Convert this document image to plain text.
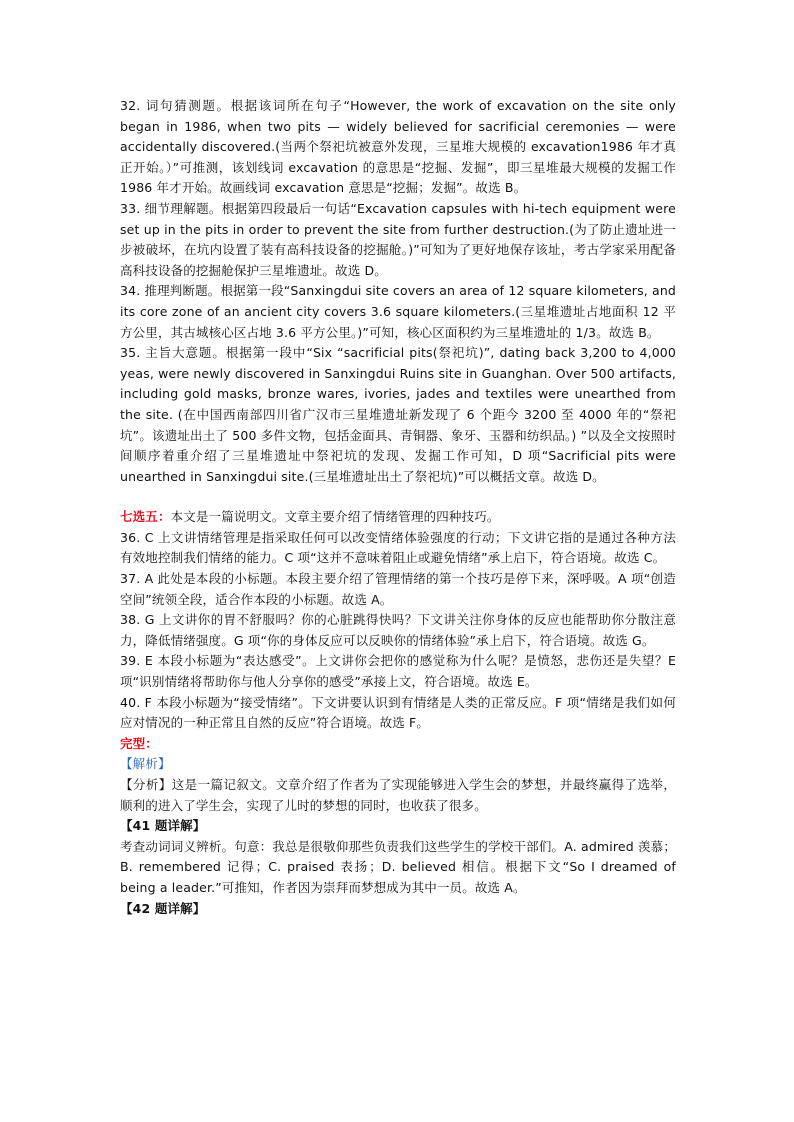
32. 词句猜测题。根据该词所在句子“However, the work of excavation on the site only began in 1986, when two pits — widely believed for sacrificial ceremonies — were accidentally discovered.(当两个祭祀坑被意外发现，三星堆大规模的 excavation1986 年才真正开始。）”可推测，该划线词 excavation 的意思是“挖掘、发掘”，即三星堆最大规模的发掘工作 1986 年才开始。故画线词 excavation 意思是“挖掘；发掘”。故选 B。

33. 细节理解题。根据第四段最后一句话“Excavation capsules with hi-tech equipment were set up in the pits in order to prevent the site from further destruction.(为了防止遗址进一步被破坏，在坑内设置了装有高科技设备的挖掘舱。)”可知为了更好地保存该址，考古学家采用配备高科技设备的挖掘舱保护三星堆遗址。故选 D。

34. 推理判断题。根据第一段“Sanxingdui site covers an area of 12 square kilometers, and its core zone of an ancient city covers 3.6 square kilometers.(三星堆遗址占地面积 12 平方公里，其古城核心区占地 3.6 平方公里。)”可知，核心区面积约为三星堆遗址的 1/3。故选 B。

35. 主旨大意题。根据第一段中“Six “sacrificial pits(祭祀坑)”, dating back 3,200 to 4,000 yeas, were newly discovered in Sanxingdui Ruins site in Guanghan. Over 500 artifacts, including gold masks, bronze wares, ivories, jades and textiles were unearthed from the site. (在中国西南部四川省广汉市三星堆遗址新发现了 6 个距今 3200 至 4000 年的“祭祀坑”。该遗址出土了 500 多件文物，包括金面具、青铜器、象牙、玉器和纺织品。) ”以及全文按照时间顺序着重介绍了三星堆遗址中祭祀坑的发现、发掘工作可知，D 项“Sacrificial pits were unearthed in Sanxingdui site.(三星堆遗址出土了祭祀坑)”可以概括文章。故选 D。

七选五：本文是一篇说明文。文章主要介绍了情绪管理的四种技巧。

36. C 上文讲情绪管理是指采取任何可以改变情绪体验强度的行动；下文讲它指的是通过各种方法有效地控制我们情绪的能力。C 项“这并不意味着阻止或避免情绪”承上启下，符合语境。故选 C。

37. A 此处是本段的小标题。本段主要介绍了管理情绪的第一个技巧是停下来，深呼吸。A 项“创造空间”统领全段，适合作本段的小标题。故选 A。

38. G 上文讲你的胃不舒服吗？你的心脏跳得快吗？下文讲关注你身体的反应也能帮助你分散注意力，降低情绪强度。G 项“你的身体反应可以反映你的情绪体验”承上启下，符合语境。故选 G。

39. E 本段小标题为“表达感受”。上文讲你会把你的感觉称为什么呢？是愤怒，悲伤还是失望？E 项“识别情绪将帮助你与他人分享你的感受”承接上文，符合语境。故选 E。

40. F 本段小标题为“接受情绪”。下文讲要认识到有情绪是人类的正常反应。F 项“情绪是我们如何应对情况的一种正常且自然的反应”符合语境。故选 F。

完型：

【解析】

【分析】这是一篇记叙文。文章介绍了作者为了实现能够进入学生会的梦想，并最终赢得了选举，顺利的进入了学生会，实现了儿时的梦想的同时，也收获了很多。

【41 题详解】

考查动词词义辨析。句意：我总是很敬仰那些负责我们这些学生的学校干部们。A. admired 羡慕； B. remembered 记得；C. praised 表扬；D. believed 相信。根据下文“So I dreamed of being a leader.”可推知，作者因为崇拜而梦想成为其中一员。故选 A。

【42 题详解】
